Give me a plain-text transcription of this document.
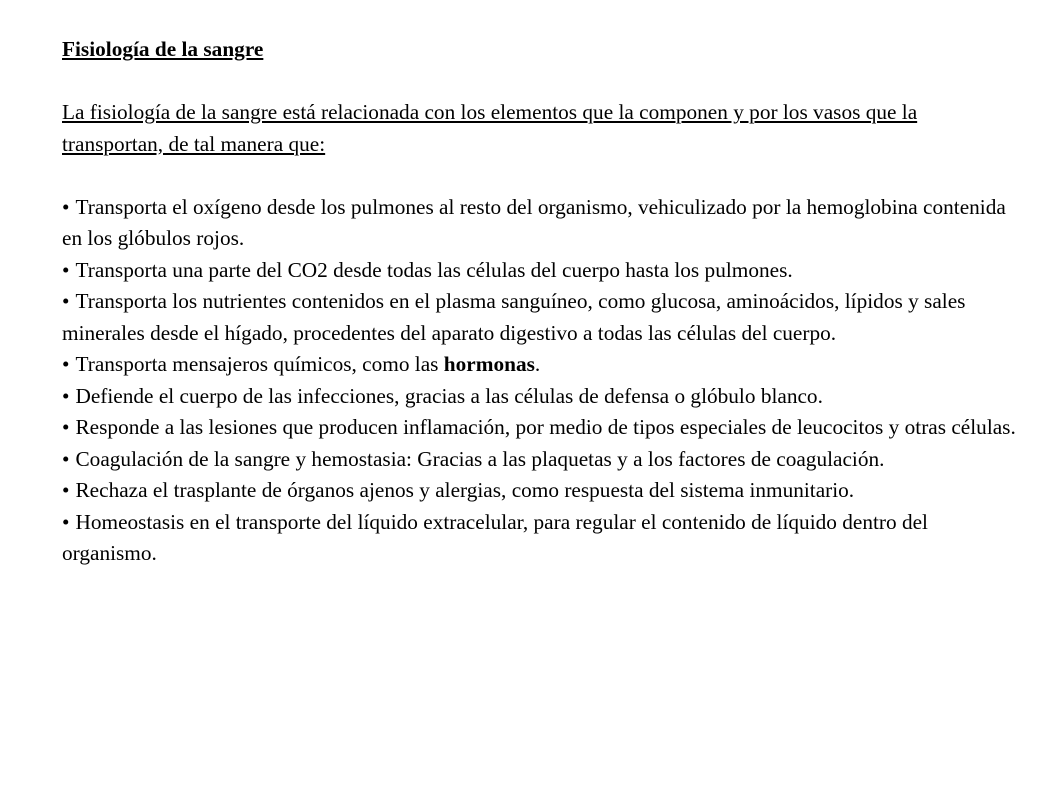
Fisiología de la sangre

La fisiología de la sangre está relacionada con los elementos que la componen y por los vasos que la transportan, de tal manera que:

• Transporta el oxígeno desde los pulmones al resto del organismo, vehiculizado por la hemoglobina contenida en los glóbulos rojos.
• Transporta una parte del CO2 desde todas las células del cuerpo hasta los pulmones.
• Transporta los nutrientes contenidos en el plasma sanguíneo, como glucosa, aminoácidos, lípidos y sales minerales desde el hígado, procedentes del aparato digestivo a todas las células del cuerpo.
• Transporta mensajeros químicos, como las hormonas.
• Defiende el cuerpo de las infecciones, gracias a las células de defensa o glóbulo blanco.
• Responde a las lesiones que producen inflamación, por medio de tipos especiales de leucocitos y otras células.
• Coagulación de la sangre y hemostasia: Gracias a las plaquetas y a los factores de coagulación.
• Rechaza el trasplante de órganos ajenos y alergias, como respuesta del sistema inmunitario.
• Homeostasis en el transporte del líquido extracelular, para regular el contenido de líquido dentro del organismo.
